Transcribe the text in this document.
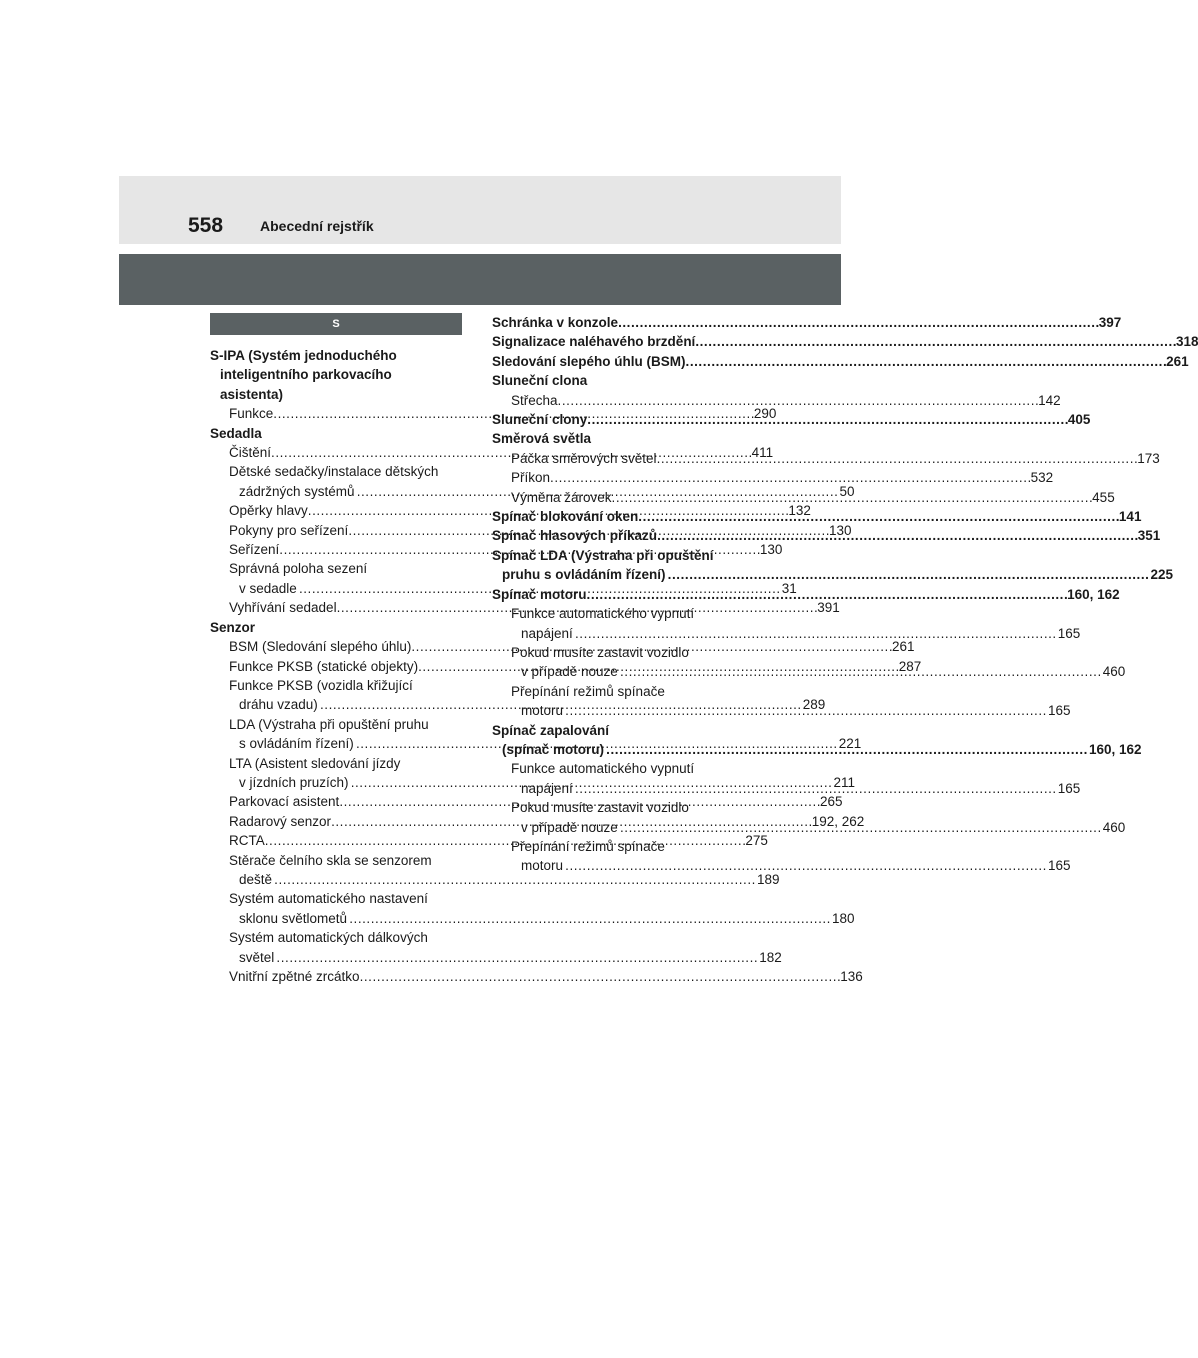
558	Abecední rejstřík
S
S-IPA (Systém jednoduchého
inteligentního parkovacího
asistenta)
Funkce . . .	290
Sedadla
Čištění . . .	411
Dětské sedačky/instalace dětských
zádržných systémů . . .	50
Opěrky hlavy . . .	132
Pokyny pro seřízení . . .	130
Seřízení . . .	130
Správná poloha sezení
v sedadle . . .	31
Vyhřívání sedadel . . .	391
Senzor
BSM (Sledování slepého úhlu) . . .	261
Funkce PKSB (statické objekty) . . .	287
Funkce PKSB (vozidla křižující
dráhu vzadu) . . .	289
LDA (Výstraha při opuštění pruhu
s ovládáním řízení) . . .	221
LTA (Asistent sledování jízdy
v jízdních pruzích) . . .	211
Parkovací asistent . . .	265
Radarový senzor . . .	192, 262
RCTA . . .	275
Stěrače čelního skla se senzorem
deště . . .	189
Systém automatického nastavení
sklonu světlometů . . .	180
Systém automatických dálkových
světel . . .	182
Vnitřní zpětné zrcátko . . .	136
Schránka v konzole . . .	397
Signalizace naléhavého brzdění . . .	318
Sledování slepého úhlu (BSM) . . .	261
Sluneční clona
Střecha . . .	142
Sluneční clony . . .	405
Směrová světla
Páčka směrových světel . . .	173
Příkon . . .	532
Výměna žárovek . . .	455
Spínač blokování oken . . .	141
Spínač hlasových příkazů . . .	351
Spínač LDA (Výstraha při opuštění
pruhu s ovládáním řízení) . . .	225
Spínač motoru . . .	160, 162
Funkce automatického vypnutí
napájení . . .	165
Pokud musíte zastavit vozidlo
v případě nouze . . .	460
Přepínání režimů spínače
motoru . . .	165
Spínač zapalování
(spínač motoru) . . .	160, 162
Funkce automatického vypnutí
napájení . . .	165
Pokud musíte zastavit vozidlo
v případě nouze . . .	460
Přepínání režimů spínače
motoru . . .	165
